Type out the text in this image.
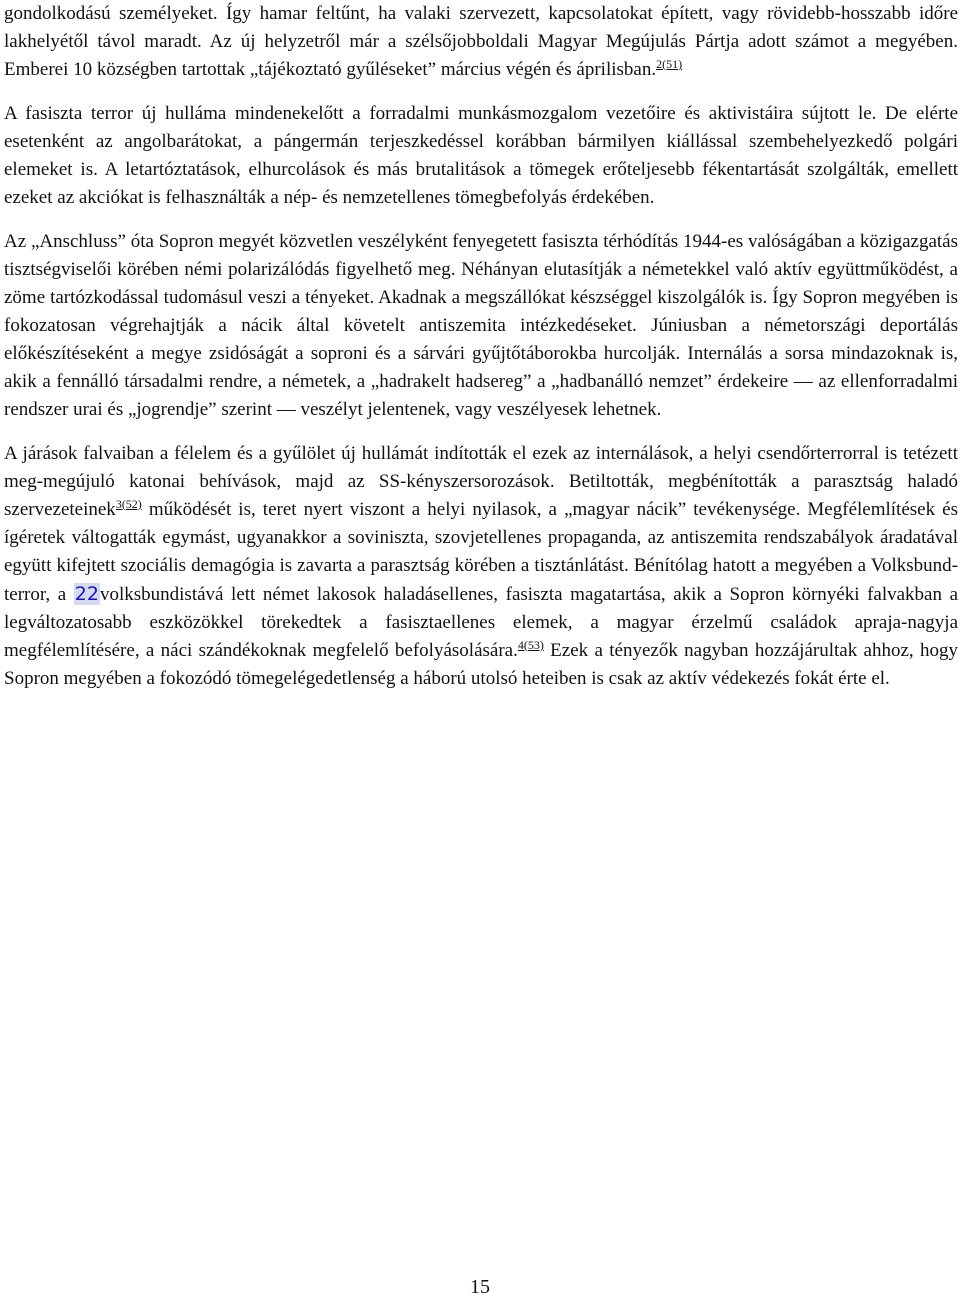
gondolkodású személyeket. Így hamar feltűnt, ha valaki szervezett, kapcsolatokat épített, vagy rövidebb-hosszabb időre lakhelyétől távol maradt. Az új helyzetről már a szélsőjobboldali Magyar Megújulás Pártja adott számot a megyében. Emberei 10 községben tartottak „tájékoztató gyűléseket” március végén és áprilisban.$^{2(51)}$

A fasiszta terror új hulláma mindenekelőtt a forradalmi munkásmozgalom vezetőire és aktivistáira sújtott le. De elérte esetenként az angolbarátokat, a pángermán terjeszkedéssel korábban bármilyen kiállással szembehelyezkedő polgári elemeket is. A letartóztatások, elhurcolások és más brutalitások a tömegek erőteljesebb fékentartását szolgálták, emellett ezeket az akciókat is felhasználták a nép- és nemzetellenes tömegbefolyás érdekében.

Az „Anschluss” óta Sopron megyét közvetlen veszélyként fenyegetett fasiszta térhódítás 1944-es valóságában a közigazgatás tisztségviselői körében némi polarizálódás figyelhető meg. Néhányan elutasítják a németekkel való aktív együttműködést, a zöme tartózkodással tudomásul veszi a tényeket. Akadnak a megszállókat készséggel kiszolgálók is. Így Sopron megyében is fokozatosan végrehajtják a nácik által követelt antiszemita intézkedéseket. Júniusban a németországi deportálás előkészítéseként a megye zsidóságát a soproni és a sárvári gyűjtőtáborokba hurcolják. Internálás a sorsa mindazoknak is, akik a fennálló társadalmi rendre, a németek, a „hadrakelt hadsereg” a „hadbanálló nemzet” érdekeire — az ellenforradalmi rendszer urai és „jogrendje” szerint — veszélyt jelentenek, vagy veszélyesek lehetnek.

A járások falvaiban a félelem és a gyűlölet új hullámát indították el ezek az internálások, a helyi csendőrterrorral is tetézett meg-megújuló katonai behívások, majd az SS-kényszersorozások. Betiltották, megbénították a parasztság haladó szervezeteinek$^{3(52)}$ működését is, teret nyert viszont a helyi nyilasok, a „magyar nácik” tevékenysége. Megfélemlítések és ígéretek váltogatták egymást, ugyanakkor a soviniszta, szovjetellenes propaganda, az antiszemita rendszabályok áradatával együtt kifejtett szociális demagógia is zavarta a parasztság körében a tisztánlátást. Bénítólag hatott a megyében a Volksbund-terror, a 22volksbundistává lett német lakosok haladásellenes, fasiszta magatartása, akik a Sopron környéki falvakban a legváltozatosabb eszközökkel törekedtek a fasisztaellenes elemek, a magyar érzelmű családok apraja-nagyja megfélemlítésére, a náci szándékoknak megfelelő befolyásolására.$^{4(53)}$ Ezek a tényezők nagyban hozzájárultak ahhoz, hogy Sopron megyében a fokozódó tömegelégedetlenség a háború utolsó heteiben is csak az aktív védekezés fokát érte el.

15
